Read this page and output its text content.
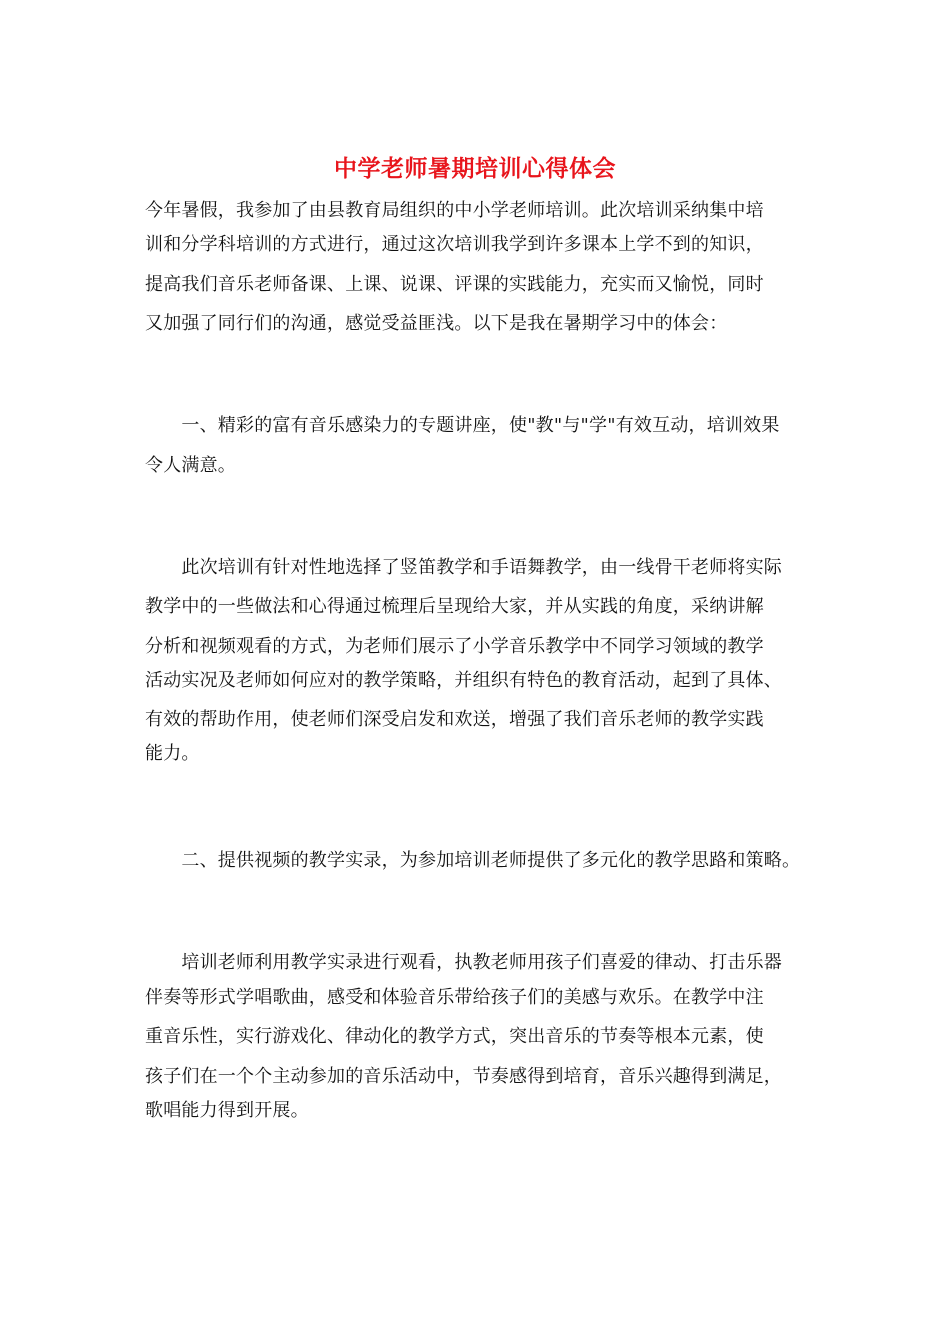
中学老师暑期培训心得体会
今年暑假，我参加了由县教育局组织的中小学老师培训。此次培训采纳集中培
训和分学科培训的方式进行，通过这次培训我学到许多课本上学不到的知识，
提高我们音乐老师备课、上课、说课、评课的实践能力，充实而又愉悦，同时
又加强了同行们的沟通，感觉受益匪浅。以下是我在暑期学习中的体会：
　　一、精彩的富有音乐感染力的专题讲座，使"教"与"学"有效互动，培训效果
令人满意。
　　此次培训有针对性地选择了竖笛教学和手语舞教学，由一线骨干老师将实际
教学中的一些做法和心得通过梳理后呈现给大家，并从实践的角度，采纳讲解
分析和视频观看的方式，为老师们展示了小学音乐教学中不同学习领域的教学
活动实况及老师如何应对的教学策略，并组织有特色的教育活动，起到了具体、
有效的帮助作用，使老师们深受启发和欢送，增强了我们音乐老师的教学实践
能力。
　　二、提供视频的教学实录，为参加培训老师提供了多元化的教学思路和策略。
　　培训老师利用教学实录进行观看，执教老师用孩子们喜爱的律动、打击乐器
伴奏等形式学唱歌曲，感受和体验音乐带给孩子们的美感与欢乐。在教学中注
重音乐性，实行游戏化、律动化的教学方式，突出音乐的节奏等根本元素，使
孩子们在一个个主动参加的音乐活动中，节奏感得到培育，音乐兴趣得到满足，
歌唱能力得到开展。
